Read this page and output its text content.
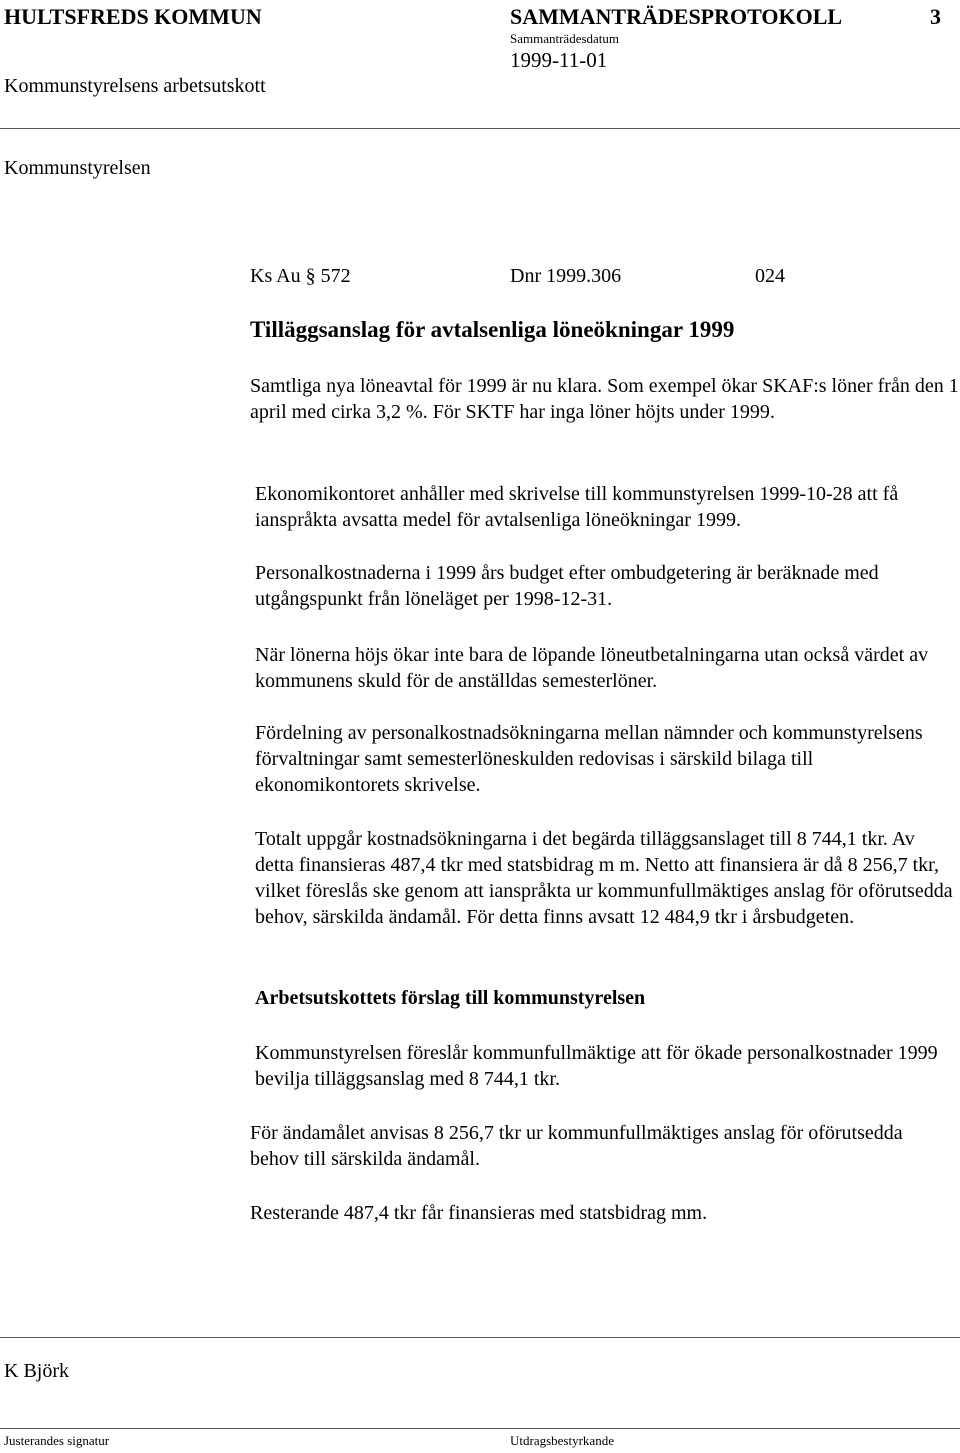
HULTSFREDS KOMMUN	SAMMANTRÄDESPROTOKOLL	3
Sammanträdesdatum
1999-11-01
Kommunstyrelsens arbetsutskott
Kommunstyrelsen
Ks Au § 572	Dnr 1999.306	024
Tilläggsanslag för avtalsenliga löneökningar 1999

Samtliga nya löneavtal för 1999 är nu klara. Som exempel ökar SKAF:s löner från den 1 april med cirka 3,2 %. För SKTF har inga löner höjts under 1999.

Ekonomikontoret anhåller med skrivelse till kommunstyrelsen 1999-10-28 att få ianspråkta avsatta medel för avtalsenliga löneökningar 1999.

Personalkostnaderna i 1999 års budget efter ombudgetering är beräknade med utgångspunkt från löneläget per 1998-12-31.

När lönerna höjs ökar inte bara de löpande löneutbetalningarna utan också värdet av kommunens skuld för de anställdas semesterlöner.

Fördelning av personalkostnadsökningarna mellan nämnder och kommunstyrelsens förvaltningar samt semesterlöneskulden redovisas i särskild bilaga till ekonomikontorets skrivelse.

Totalt uppgår kostnadsökningarna i det begärda tilläggsanslaget till 8 744,1 tkr. Av detta finansieras 487,4 tkr med statsbidrag m m. Netto att finansiera är då 8 256,7 tkr, vilket föreslås ske genom att ianspråkta ur kommunfullmäktiges anslag för oförutsedda behov, särskilda ändamål. För detta finns avsatt 12 484,9 tkr i årsbudgeten.

Arbetsutskottets förslag till kommunstyrelsen

Kommunstyrelsen föreslår kommunfullmäktige att för ökade personalkostnader 1999 bevilja tilläggsanslag med 8 744,1 tkr.

För ändamålet anvisas 8 256,7 tkr ur kommunfullmäktiges anslag för oförutsedda behov till särskilda ändamål.

Resterande 487,4 tkr får finansieras med statsbidrag mm.

K Björk
Justerandes signatur	Utdragsbestyrkande
